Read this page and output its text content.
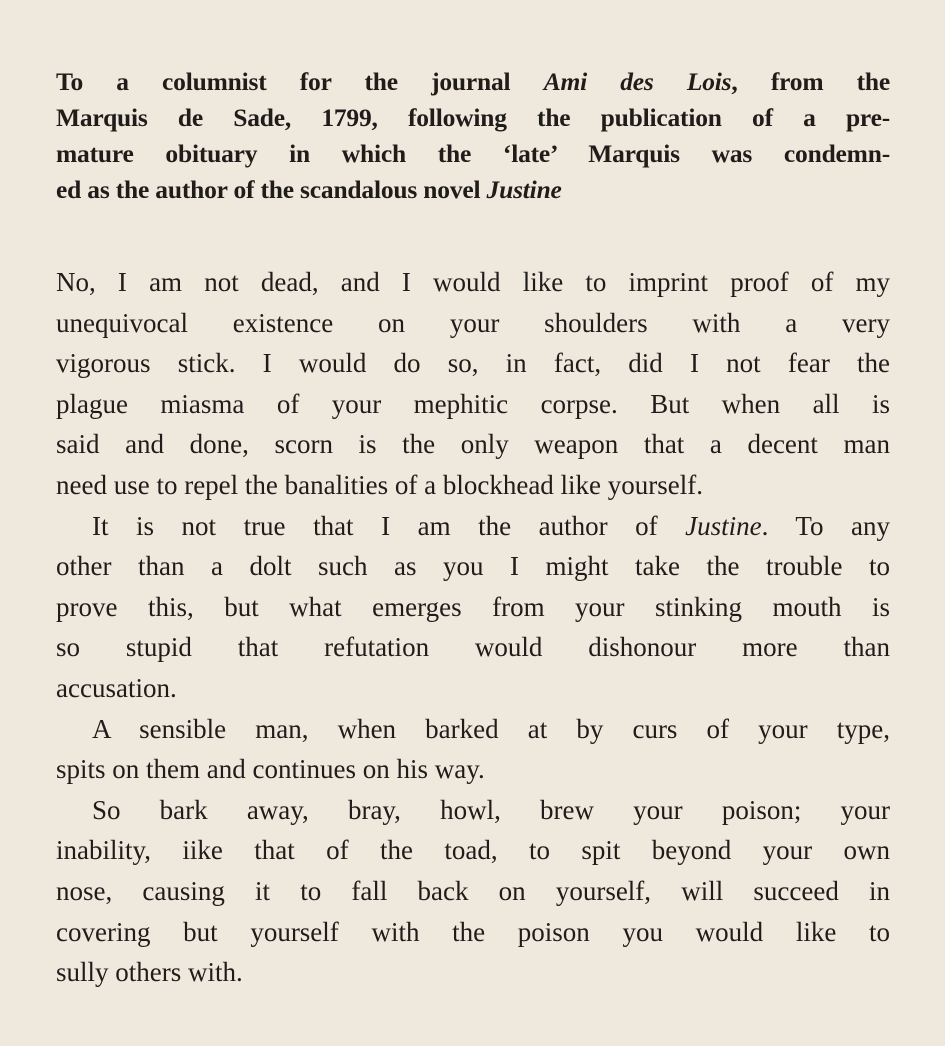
To a columnist for the journal Ami des Lois, from the
Marquis de Sade, 1799, following the publication of a pre-
mature obituary in which the ‘late’ Marquis was condemn-
ed as the author of the scandalous novel Justine
No, I am not dead, and I would like to imprint proof of my
unequivocal existence on your shoulders with a very
vigorous stick. I would do so, in fact, did I not fear the
plague miasma of your mephitic corpse. But when all is
said and done, scorn is the only weapon that a decent man
need use to repel the banalities of a blockhead like yourself.
It is not true that I am the author of Justine. To any
other than a dolt such as you I might take the trouble to
prove this, but what emerges from your stinking mouth is
so stupid that refutation would dishonour more than
accusation.
A sensible man, when barked at by curs of your type,
spits on them and continues on his way.
So bark away, bray, howl, brew your poison; your
inability, iike that of the toad, to spit beyond your own
nose, causing it to fall back on yourself, will succeed in
covering but yourself with the poison you would like to
sully others with.
